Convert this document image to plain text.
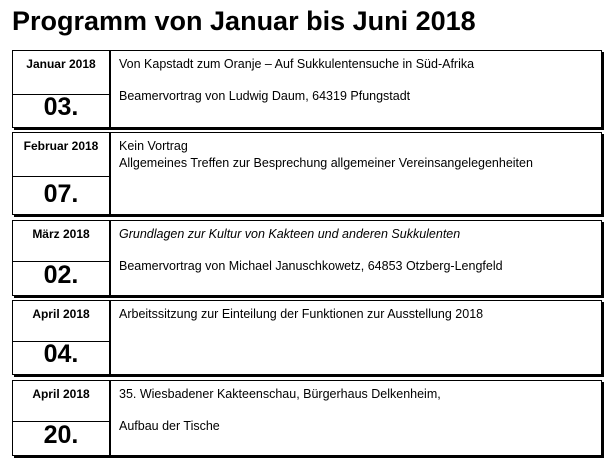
Programm von Januar bis Juni 2018
Januar 2018
03.
Von Kapstadt zum Oranje – Auf Sukkulentensuche in Süd-Afrika
Beamervortrag von Ludwig Daum, 64319 Pfungstadt
Februar 2018
07.
Kein Vortrag
Allgemeines Treffen zur Besprechung allgemeiner Vereinsangelegenheiten
März 2018
02.
Grundlagen zur Kultur von Kakteen und anderen Sukkulenten
Beamervortrag von Michael Januschkowetz, 64853 Otzberg-Lengfeld
April 2018
04.
Arbeitssitzung zur Einteilung der Funktionen zur Ausstellung 2018
April 2018
20.
35. Wiesbadener Kakteenschau, Bürgerhaus Delkenheim,
Aufbau der Tische
